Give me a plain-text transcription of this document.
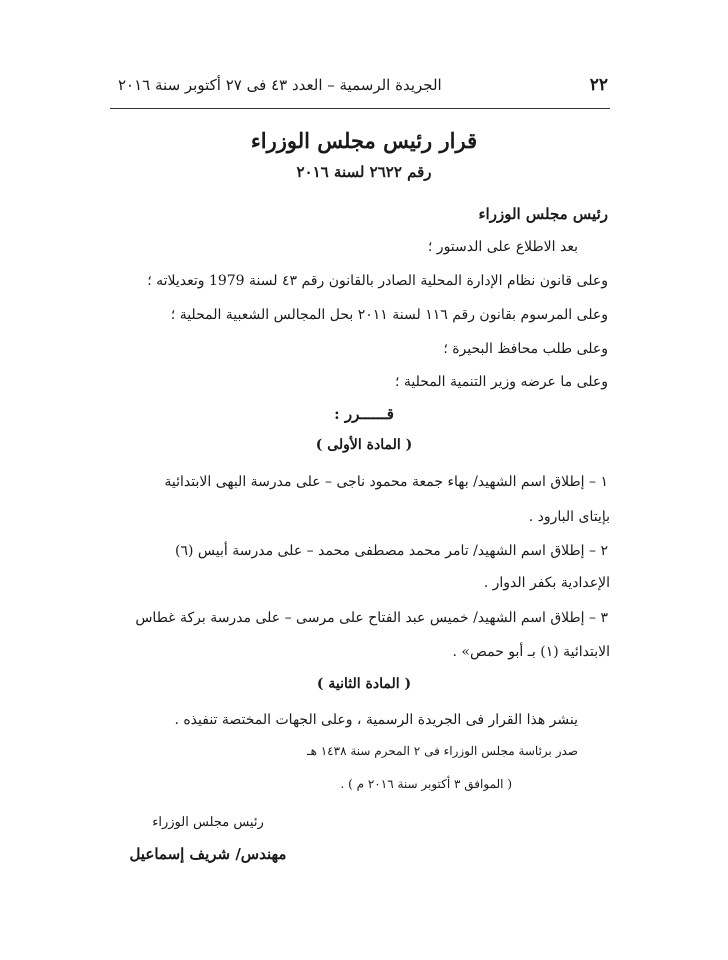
٢٢
الجريدة الرسمية – العدد ٤٣ فى ٢٧ أكتوبر سنة ٢٠١٦
قرار رئيس مجلس الوزراء
رقم ٢٦٢٢ لسنة ٢٠١٦
رئيس مجلس الوزراء
بعد الاطلاع على الدستور ؛
وعلى قانون نظام الإدارة المحلية الصادر بالقانون رقم ٤٣ لسنة 1979 وتعديلاته ؛
وعلى المرسوم بقانون رقم ١١٦ لسنة ٢٠١١ بحل المجالس الشعبية المحلية ؛
وعلى طلب محافظ البحيرة ؛
وعلى ما عرضه وزير التنمية المحلية ؛
قــــــرر :
( المادة الأولى )
١ – إطلاق اسم الشهيد/ بهاء جمعة محمود ناجى – على مدرسة البهى الابتدائية
بإيتاى البارود .
٢ – إطلاق اسم الشهيد/ تامر محمد مصطفى محمد – على مدرسة أبيس (٦)
الإعدادية بكفر الدوار .
٣ – إطلاق اسم الشهيد/ خميس عبد الفتاح على مرسى – على مدرسة بركة غطاس
الابتدائية (١) بـ أبو حمص» .
( المادة الثانية )
ينشر هذا القرار فى الجريدة الرسمية ، وعلى الجهات المختصة تنفيذه .
صدر برئاسة مجلس الوزراء فى ٢ المحرم سنة ١٤٣٨ هـ
( الموافق ٣ أكتوبر سنة ٢٠١٦ م ) .
رئيس مجلس الوزراء
مهندس/ شريف إسماعيل
